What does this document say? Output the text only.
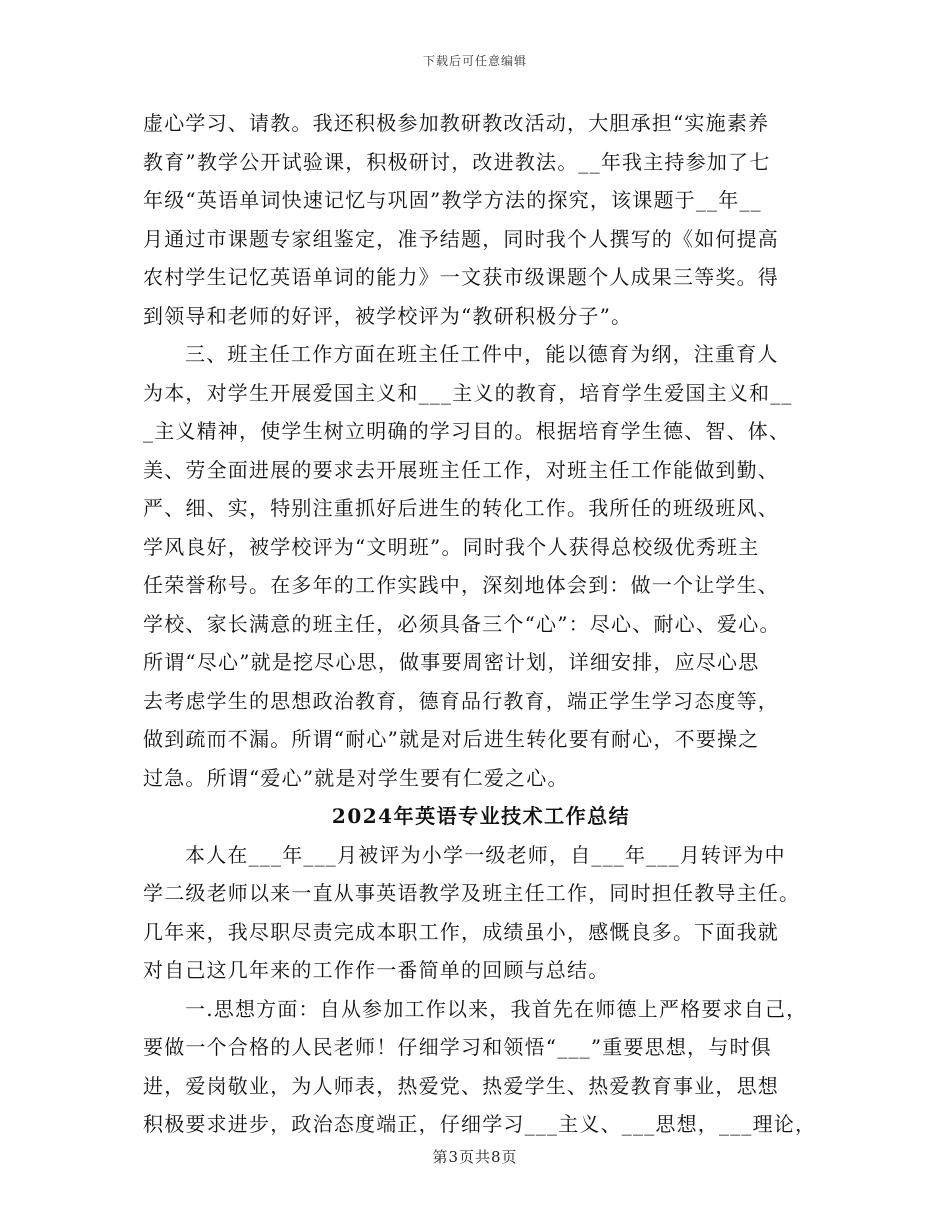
下载后可任意编辑
虚心学习、请教。我还积极参加教研教改活动，大胆承担“实施素养
教育”教学公开试验课，积极研讨，改进教法。__年我主持参加了七
年级“英语单词快速记忆与巩固”教学方法的探究，该课题于__年__
月通过市课题专家组鉴定，准予结题，同时我个人撰写的《如何提高
农村学生记忆英语单词的能力》一文获市级课题个人成果三等奖。得
到领导和老师的好评，被学校评为“教研积极分子”。
三、班主任工作方面在班主任工件中，能以德育为纲，注重育人
为本，对学生开展爱国主义和___主义的教育，培育学生爱国主义和__
_主义精神，使学生树立明确的学习目的。根据培育学生德、智、体、
美、劳全面进展的要求去开展班主任工作，对班主任工作能做到勤、
严、细、实，特别注重抓好后进生的转化工作。我所任的班级班风、
学风良好，被学校评为“文明班”。同时我个人获得总校级优秀班主
任荣誉称号。在多年的工作实践中，深刻地体会到：做一个让学生、
学校、家长满意的班主任，必须具备三个“心”：尽心、耐心、爱心。
所谓“尽心”就是挖尽心思，做事要周密计划，详细安排，应尽心思
去考虑学生的思想政治教育，德育品行教育，端正学生学习态度等，
做到疏而不漏。所谓“耐心”就是对后进生转化要有耐心，不要操之
过急。所谓“爱心”就是对学生要有仁爱之心。
2024年英语专业技术工作总结
本人在___年___月被评为小学一级老师，自___年___月转评为中
学二级老师以来一直从事英语教学及班主任工作，同时担任教导主任。
几年来，我尽职尽责完成本职工作，成绩虽小，感慨良多。下面我就
对自己这几年来的工作作一番简单的回顾与总结。
一.思想方面：自从参加工作以来，我首先在师德上严格要求自己，
要做一个合格的人民老师！仔细学习和领悟“___”重要思想，与时俱
进，爱岗敬业，为人师表，热爱党、热爱学生、热爱教育事业，思想
积极要求进步，政治态度端正，仔细学习___主义、___思想，___理论，
第3页共8页
